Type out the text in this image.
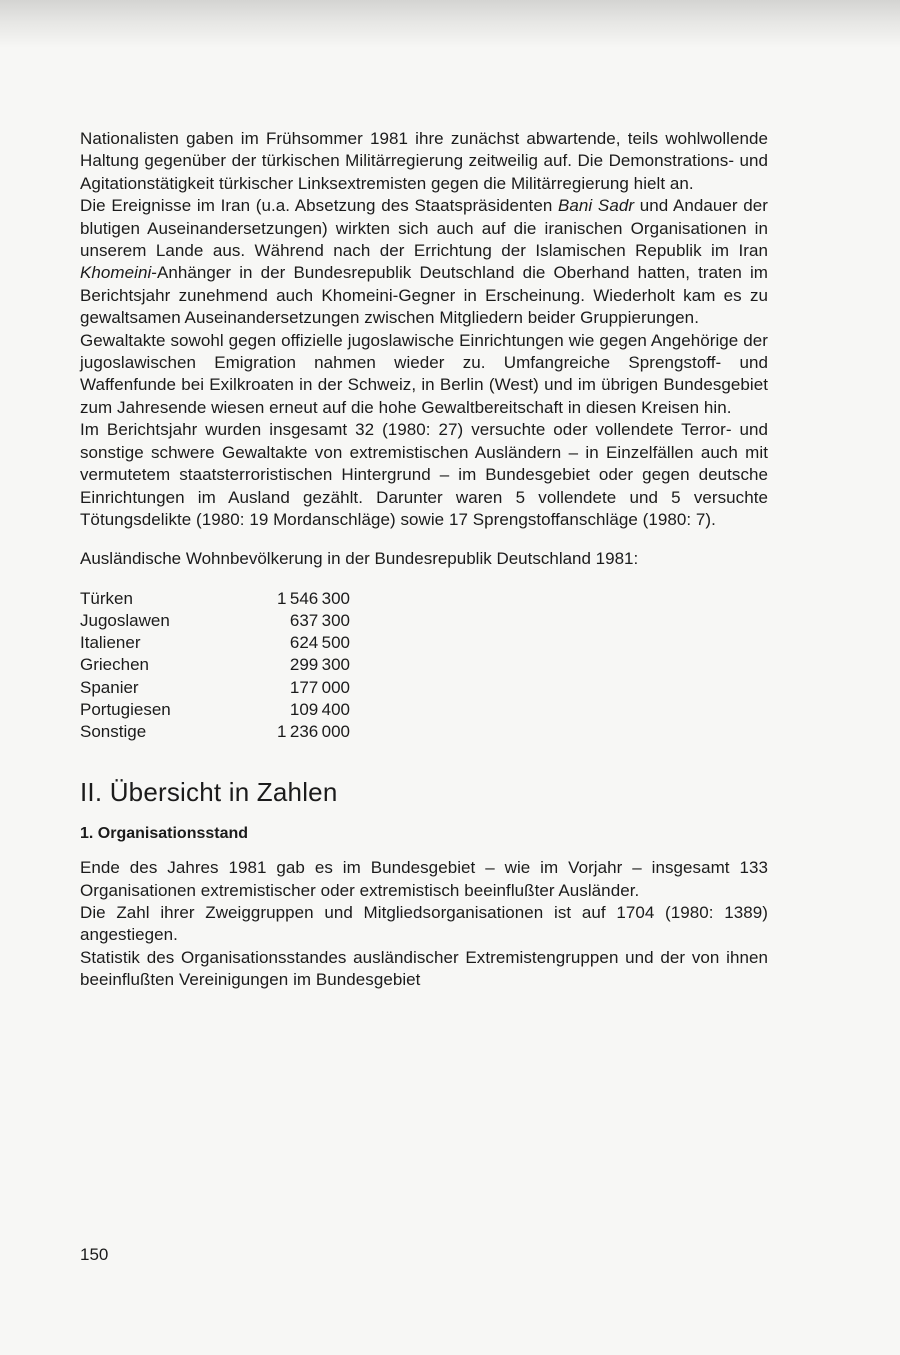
Nationalisten gaben im Frühsommer 1981 ihre zunächst abwartende, teils wohlwollende Haltung gegenüber der türkischen Militärregierung zeitweilig auf. Die Demonstrations- und Agitationstätigkeit türkischer Linksextremisten gegen die Militärregierung hielt an.

Die Ereignisse im Iran (u.a. Absetzung des Staatspräsidenten Bani Sadr und Andauer der blutigen Auseinandersetzungen) wirkten sich auch auf die iranischen Organisationen in unserem Lande aus. Während nach der Errichtung der Islamischen Republik im Iran Khomeini-Anhänger in der Bundesrepublik Deutschland die Oberhand hatten, traten im Berichtsjahr zunehmend auch Khomeini-Gegner in Erscheinung. Wiederholt kam es zu gewaltsamen Auseinandersetzungen zwischen Mitgliedern beider Gruppierungen.

Gewaltakte sowohl gegen offizielle jugoslawische Einrichtungen wie gegen Angehörige der jugoslawischen Emigration nahmen wieder zu. Umfangreiche Sprengstoff- und Waffenfunde bei Exilkroaten in der Schweiz, in Berlin (West) und im übrigen Bundesgebiet zum Jahresende wiesen erneut auf die hohe Gewaltbereitschaft in diesen Kreisen hin.

Im Berichtsjahr wurden insgesamt 32 (1980: 27) versuchte oder vollendete Terror- und sonstige schwere Gewaltakte von extremistischen Ausländern – in Einzelfällen auch mit vermutetem staatsterroristischen Hintergrund – im Bundesgebiet oder gegen deutsche Einrichtungen im Ausland gezählt. Darunter waren 5 vollendete und 5 versuchte Tötungsdelikte (1980: 19 Mordanschläge) sowie 17 Sprengstoffanschläge (1980: 7).

Ausländische Wohnbevölkerung in der Bundesrepublik Deutschland 1981:
Türken	1 546 300
Jugoslawen	637 300
Italiener	624 500
Griechen	299 300
Spanier	177 000
Portugiesen	109 400
Sonstige	1 236 000
II. Übersicht in Zahlen
1. Organisationsstand

Ende des Jahres 1981 gab es im Bundesgebiet – wie im Vorjahr – insgesamt 133 Organisationen extremistischer oder extremistisch beeinflußter Ausländer.

Die Zahl ihrer Zweiggruppen und Mitgliedsorganisationen ist auf 1704 (1980: 1389) angestiegen.

Statistik des Organisationsstandes ausländischer Extremistengruppen und der von ihnen beeinflußten Vereinigungen im Bundesgebiet

150
